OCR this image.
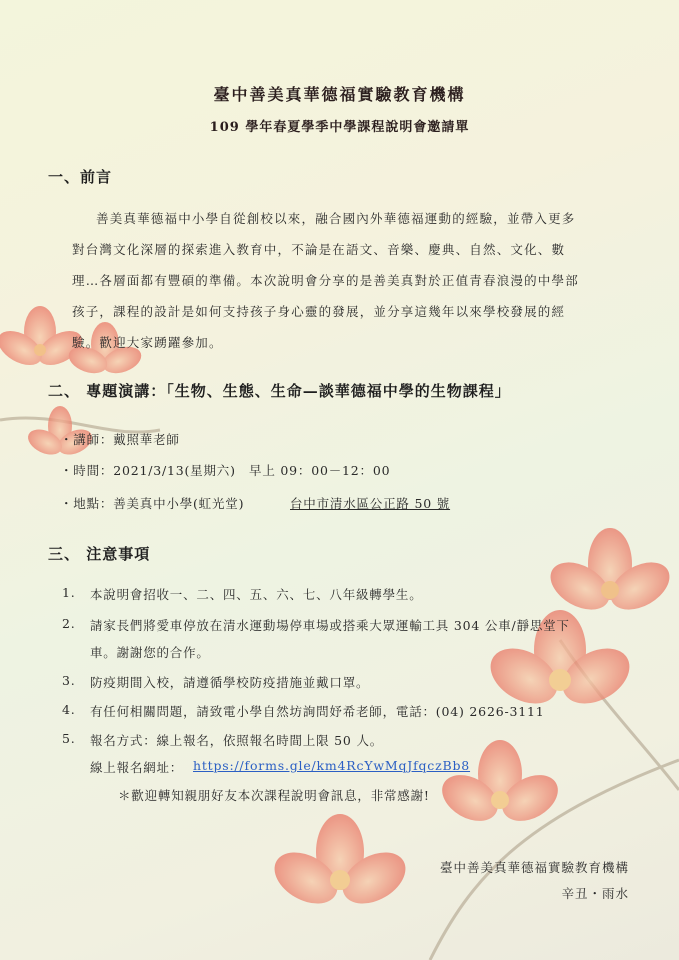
臺中善美真華德福實驗教育機構
109 學年春夏學季中學課程說明會邀請單
一、前言
善美真華德福中小學自從創校以來，融合國內外華德福運動的經驗，並帶入更多
對台灣文化深層的探索進入教育中，不論是在語文、音樂、慶典、自然、文化、數
理…各層面都有豐碩的準備。本次說明會分享的是善美真對於正值青春浪漫的中學部
孩子，課程的設計是如何支持孩子身心靈的發展，並分享這幾年以來學校發展的經
驗。歡迎大家踴躍參加。
二、 專題演講：「生物、生態、生命—談華德福中學的生物課程」
・講師：戴照華老師
・時間：2021/3/13(星期六)　早上 09：00－12：00
・地點：善美真中小學(虹光堂)	台中市清水區公正路 50 號
三、 注意事項
1. 本說明會招收一、二、四、五、六、七、八年級轉學生。
2. 請家長們將愛車停放在清水運動場停車場或搭乘大眾運輸工具 304 公車/靜思堂下
車。謝謝您的合作。
3. 防疫期間入校，請遵循學校防疫措施並戴口罩。
4. 有任何相關問題，請致電小學自然坊詢問妤希老師，電話：(04) 2626-3111
5. 報名方式：線上報名，依照報名時間上限 50 人。
線上報名網址： https://forms.gle/km4RcYwMqJfqczBb8
＊歡迎轉知親朋好友本次課程說明會訊息，非常感謝!
臺中善美真華德福實驗教育機構
辛丑・雨水
